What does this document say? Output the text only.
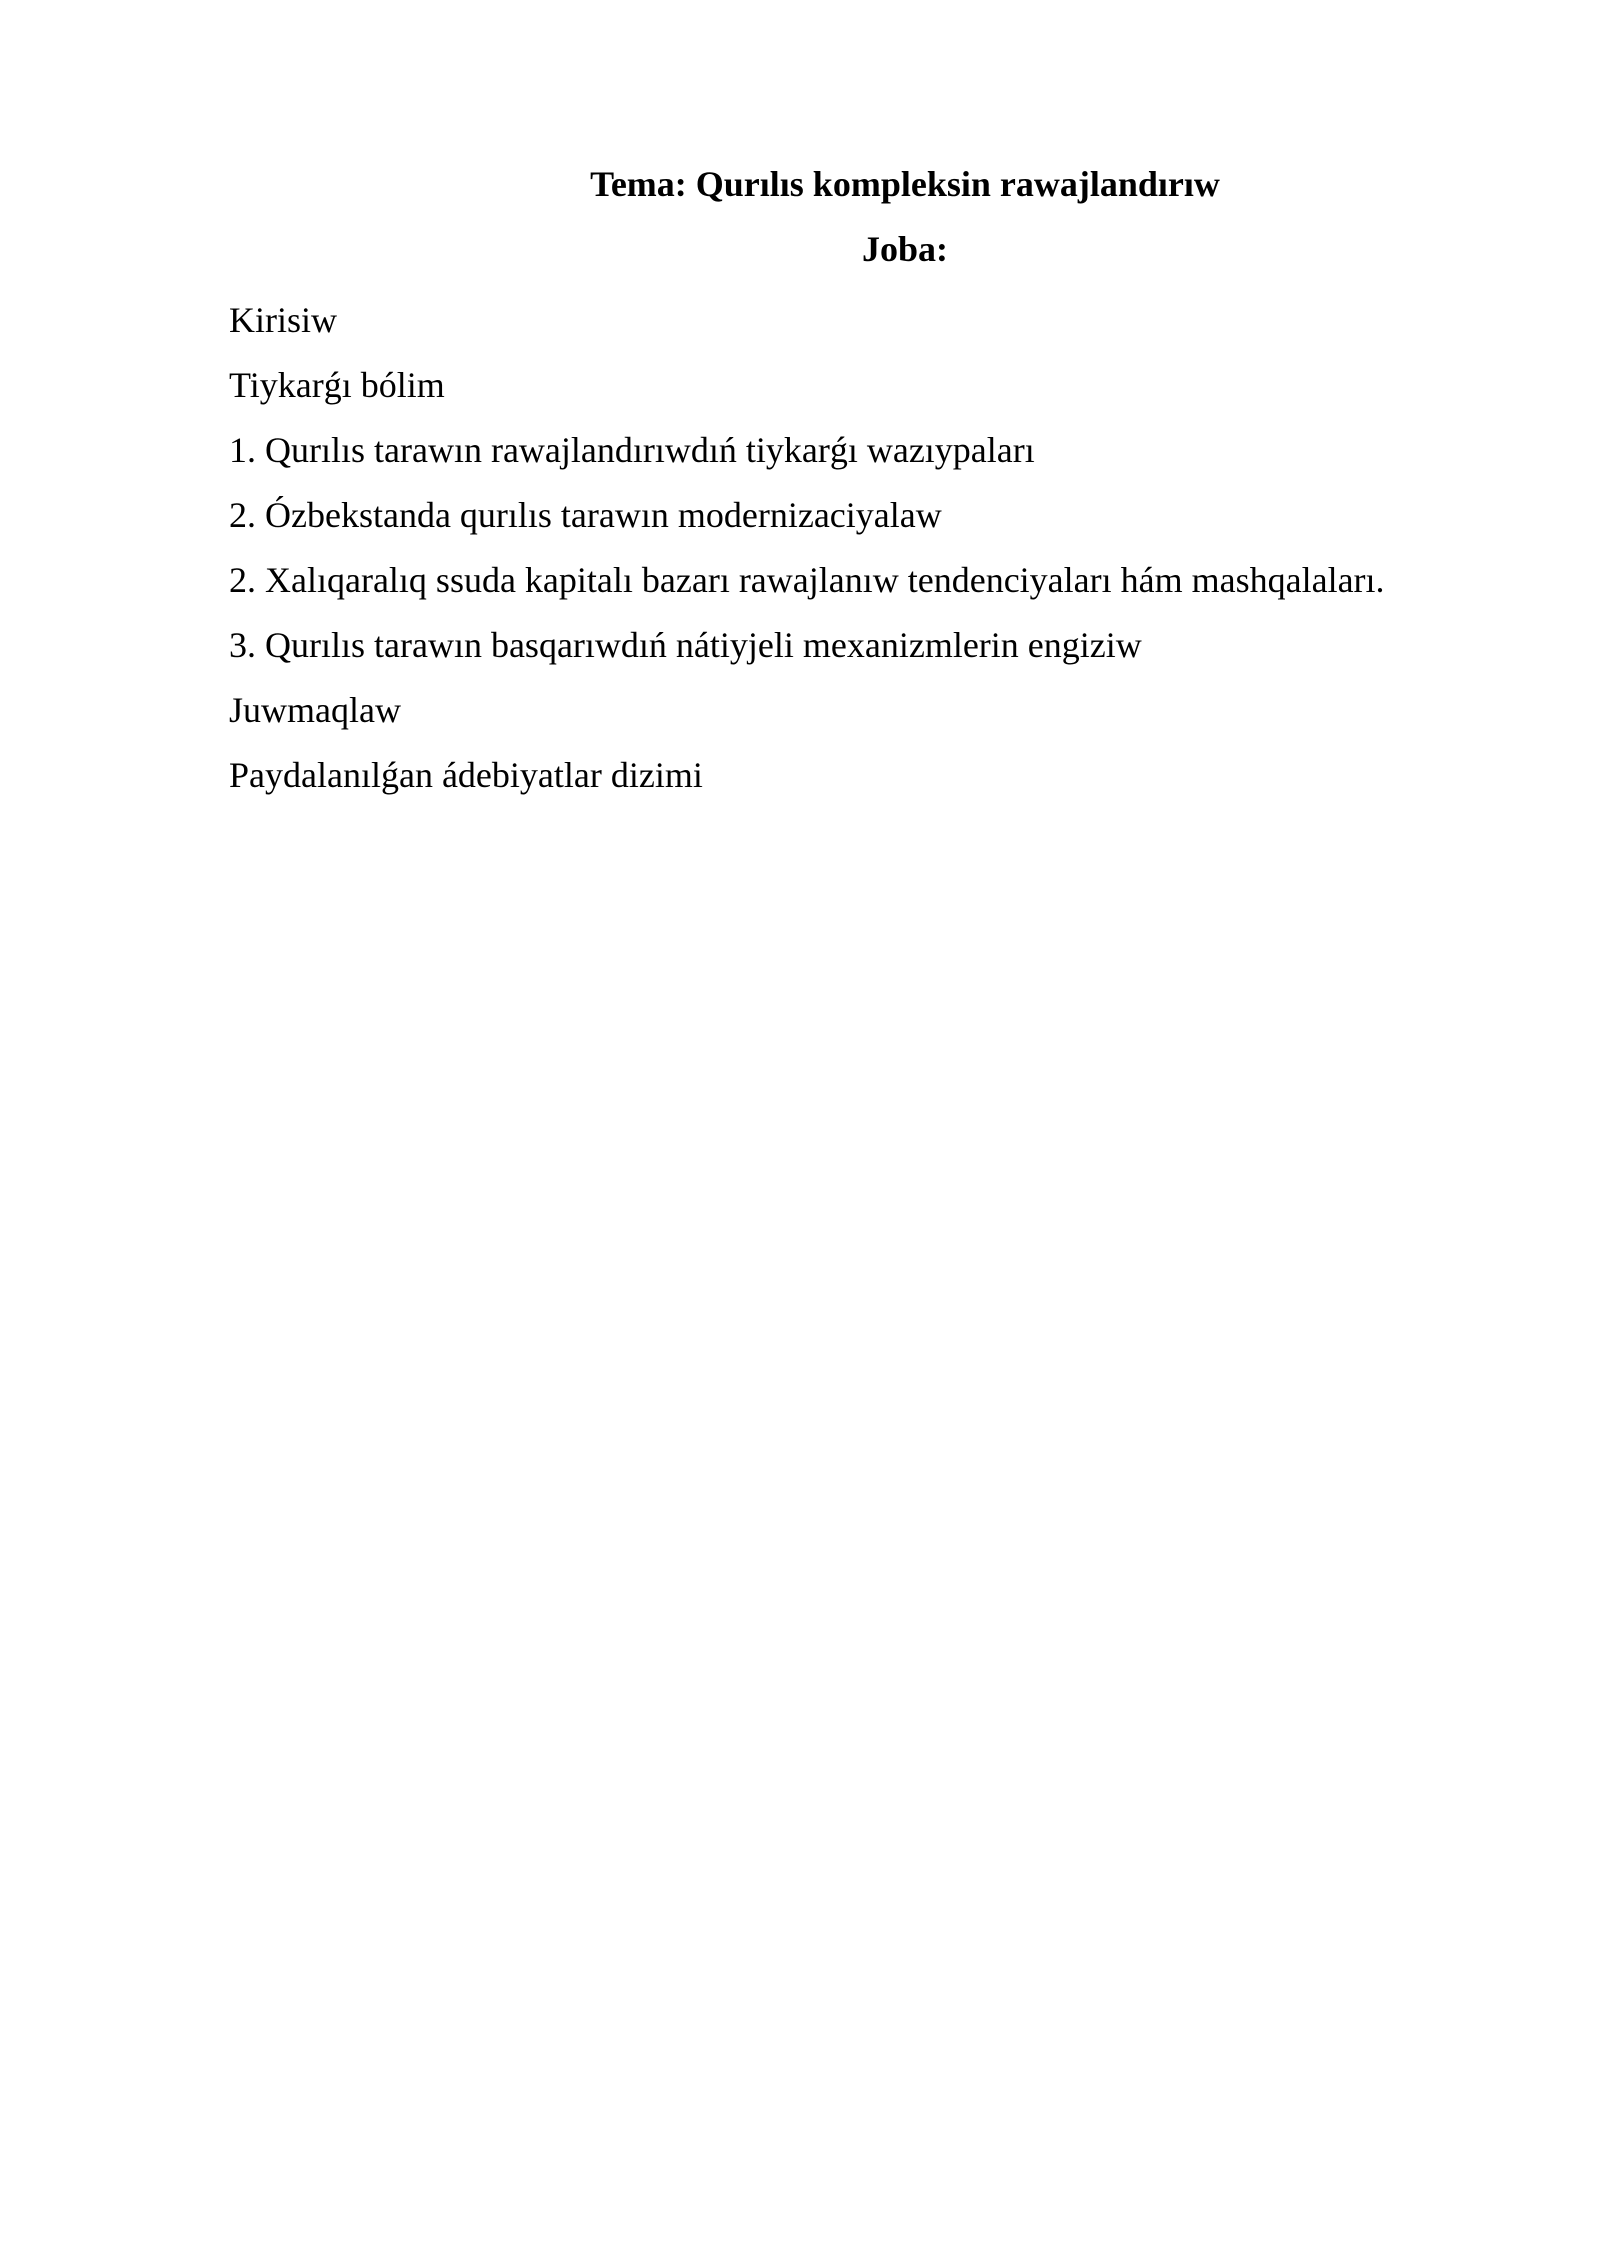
Tema: Qurılıs kompleksin rawajlandırıw
Joba:
Kirisiw
Tiykarǵı bólim
1. Qurılıs tarawın rawajlandırıwdıń tiykarǵı wazıypaları
2. Ózbekstanda qurılıs tarawın modernizaciyalaw
2. Xalıqaralıq ssuda kapitalı bazarı rawajlanıw tendenciyaları hám mashqalaları.
3. Qurılıs tarawın basqarıwdıń nátiyjeli mexanizmlerin engiziw
Juwmaqlaw
Paydalanılǵan ádebiyatlar dizimi
